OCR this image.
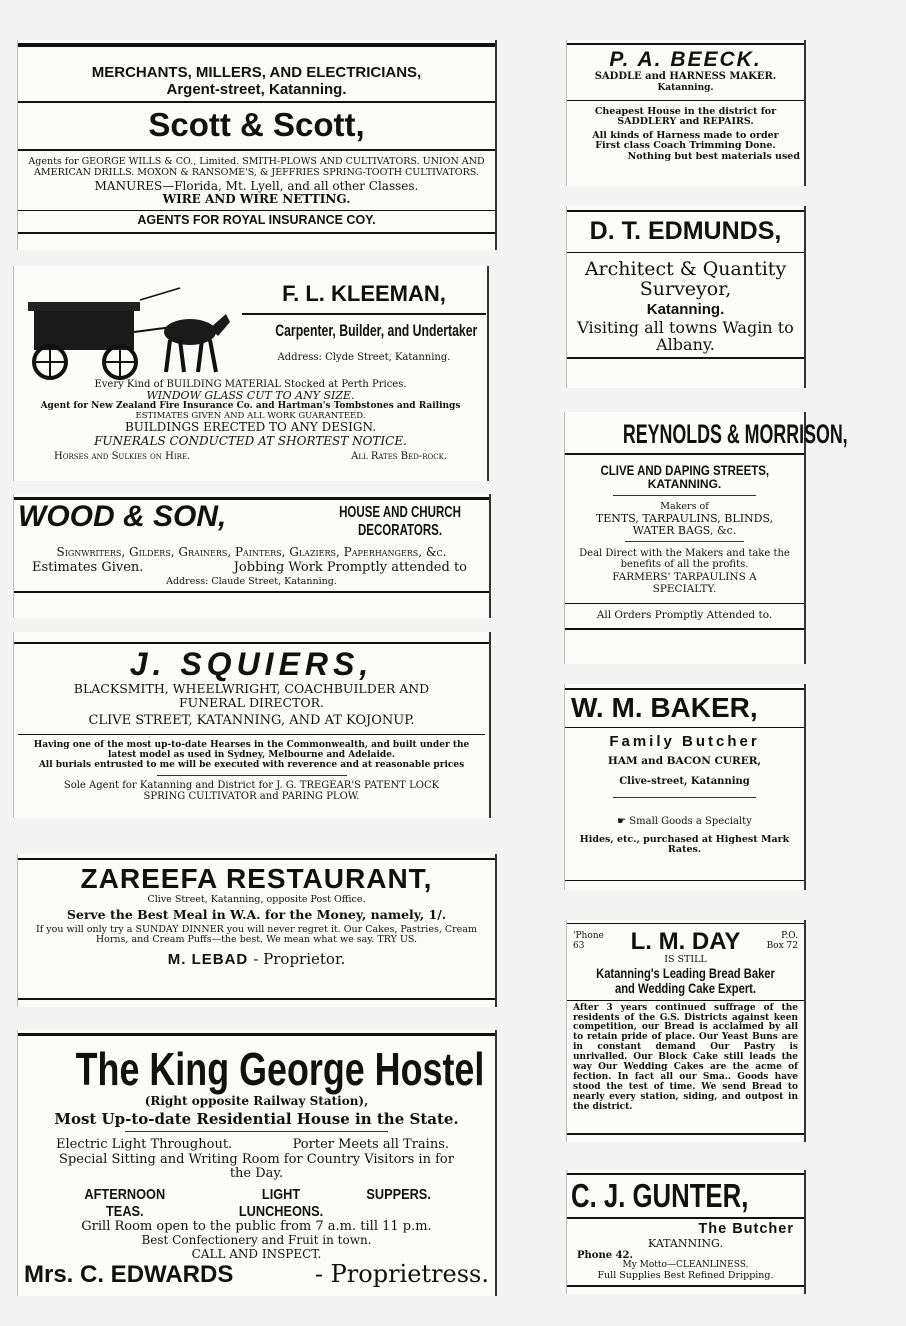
MERCHANTS, MILLERS, AND ELECTRICIANS,
Argent-street, Katanning.
Scott & Scott,
Agents for GEORGE WILLS & CO., Limited. SMITH-PLOWS AND CULTIVATORS. UNION AND AMERICAN DRILLS. MOXON & RANSOME'S, & JEFFRIES SPRING-TOOTH CULTIVATORS.
MANURES—Florida, Mt. Lyell, and all other Classes.
WIRE AND WIRE NETTING.
AGENTS FOR ROYAL INSURANCE COY.
F. L. KLEEMAN,
Carpenter, Builder, and Undertaker
Address: Clyde Street, Katanning.
Every Kind of BUILDING MATERIAL Stocked at Perth Prices.
WINDOW GLASS CUT TO ANY SIZE.
Agent for New Zealand Fire Insurance Co. and Hartman's Tombstones and Railings
ESTIMATES GIVEN AND ALL WORK GUARANTEED.
BUILDINGS ERECTED TO ANY DESIGN.
FUNERALS CONDUCTED AT SHORTEST NOTICE.
Horses and Sulkies on Hire.	All Rates Bed-rock.
WOOD & SON,	HOUSE AND CHURCH
DECORATORS.
Signwriters, Gilders, Grainers, Painters, Glaziers, Paperhangers, &c.
Estimates Given.	Jobbing Work Promptly attended to
Address: Claude Street, Katanning.
J. SQUIERS,
BLACKSMITH, WHEELWRIGHT, COACHBUILDER AND FUNERAL DIRECTOR.
CLIVE STREET, KATANNING, AND AT KOJONUP.
Having one of the most up-to-date Hearses in the Commonwealth, and built under the latest model as used in Sydney, Melbourne and Adelaide.
All burials entrusted to me will be executed with reverence and at reasonable prices
Sole Agent for Katanning and District for J. G. TREGEAR'S PATENT LOCK SPRING CULTIVATOR and PARING PLOW.
ZAREEFA RESTAURANT,
Clive Street, Katanning, opposite Post Office.
Serve the Best Meal in W.A. for the Money, namely, 1/.
If you will only try a SUNDAY DINNER you will never regret it. Our Cakes, Pastries, Cream Horns, and Cream Puffs—the best. We mean what we say. TRY US.
M. LEBAD - Proprietor.
The King George Hostel
(Right opposite Railway Station),
Most Up-to-date Residential House in the State.
Electric Light Throughout.	Porter Meets all Trains.
Special Sitting and Writing Room for Country Visitors in for the Day.
AFTERNOON TEAS.
LIGHT LUNCHEONS.
SUPPERS.
Grill Room open to the public from 7 a.m. till 11 p.m.
Best Confectionery and Fruit in town.
CALL AND INSPECT.
Mrs. C. EDWARDS	- Proprietress.
P. A. BEECK.
SADDLE and HARNESS MAKER.
Katanning.
Cheapest House in the district for SADDLERY and REPAIRS.
All kinds of Harness made to order
First class Coach Trimming Done.
Nothing but best materials used
D. T. EDMUNDS,
Architect & Quantity
Surveyor,
Katanning.
Visiting all towns Wagin to Albany.
REYNOLDS & MORRISON,
CLIVE AND DAPING STREETS,
KATANNING.
Makers of
TENTS, TARPAULINS, BLINDS, WATER BAGS, &c.
Deal Direct with the Makers and take the benefits of all the profits.
FARMERS' TARPAULINS A SPECIALTY.
All Orders Promptly Attended to.
W. M. BAKER,
Family Butcher
HAM and BACON CURER,
Clive-street, Katanning
☛ Small Goods a Specialty
Hides, etc., purchased at Highest Mark Rates.
'Phone 63	L. M. DAY	P.O. Box 72
IS STILL
Katanning's Leading Bread Baker and Wedding Cake Expert.
After 3 years continued suffrage of the residents of the G.S. Districts against keen competition, our Bread is acclaimed by all to retain pride of place. Our Yeast Buns are in constant demand Our Pastry is unrivalled. Our Block Cake still leads the way Our Wedding Cakes are the acme of fection. In fact all our Sma.. Goods have stood the test of time. We send Bread to nearly every station, siding, and outpost in the district.
C. J. GUNTER,
The Butcher
KATANNING.
Phone 42.
My Motto—CLEANLINESS.
Full Supplies Best Refined Dripping.
